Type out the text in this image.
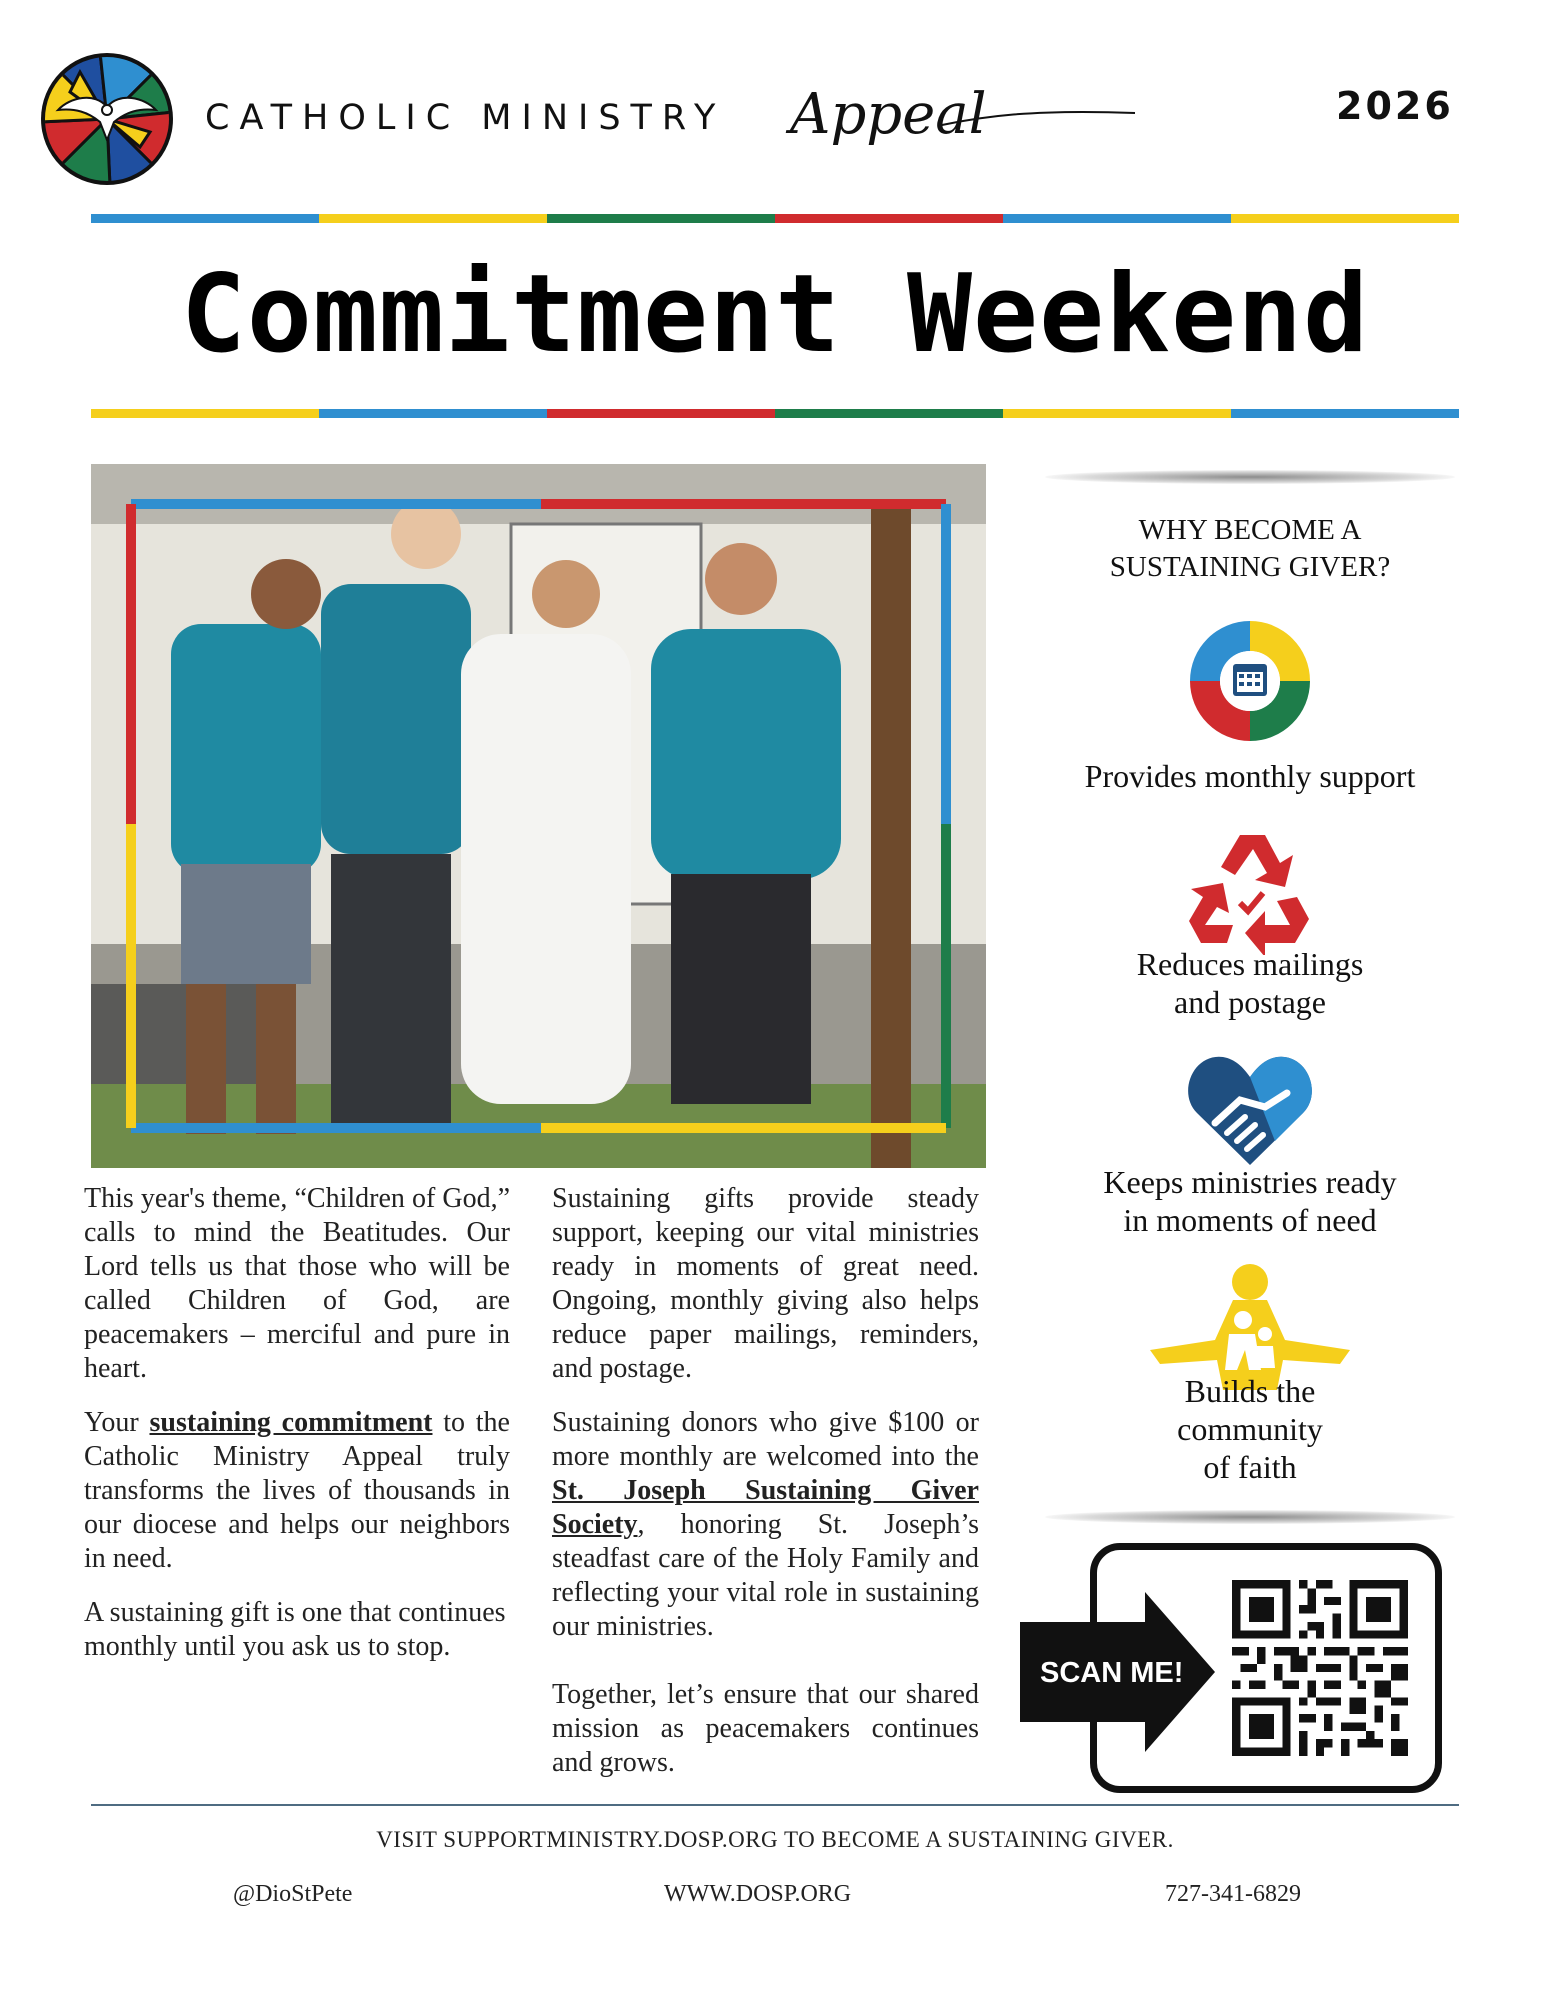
CATHOLIC MINISTRY Appeal	2026
Commitment Weekend

This year's theme, “Children of God,” calls to mind the Beatitudes. Our Lord tells us that those who will be called Children of God, are peacemakers – merciful and pure in heart.

Your sustaining commitment to the Catholic Ministry Appeal truly transforms the lives of thousands in our diocese and helps our neighbors in need.

A sustaining gift is one that continues monthly until you ask us to stop.

Sustaining gifts provide steady support, keeping our vital ministries ready in moments of great need. Ongoing, monthly giving also helps reduce paper mailings, reminders, and postage.

Sustaining donors who give $100 or more monthly are welcomed into the St. Joseph Sustaining Giver Society, honoring St. Joseph’s steadfast care of the Holy Family and reflecting your vital role in sustaining our ministries.

Together, let’s ensure that our shared mission as peacemakers continues and grows.

WHY BECOME A
SUSTAINING GIVER?
Provides monthly support
Reduces mailings
and postage
Keeps ministries ready
in moments of need
Builds the
community
of faith
SCAN ME!
VISIT SUPPORTMINISTRY.DOSP.ORG TO BECOME A SUSTAINING GIVER.
@DioStPete	WWW.DOSP.ORG	727-341-6829
